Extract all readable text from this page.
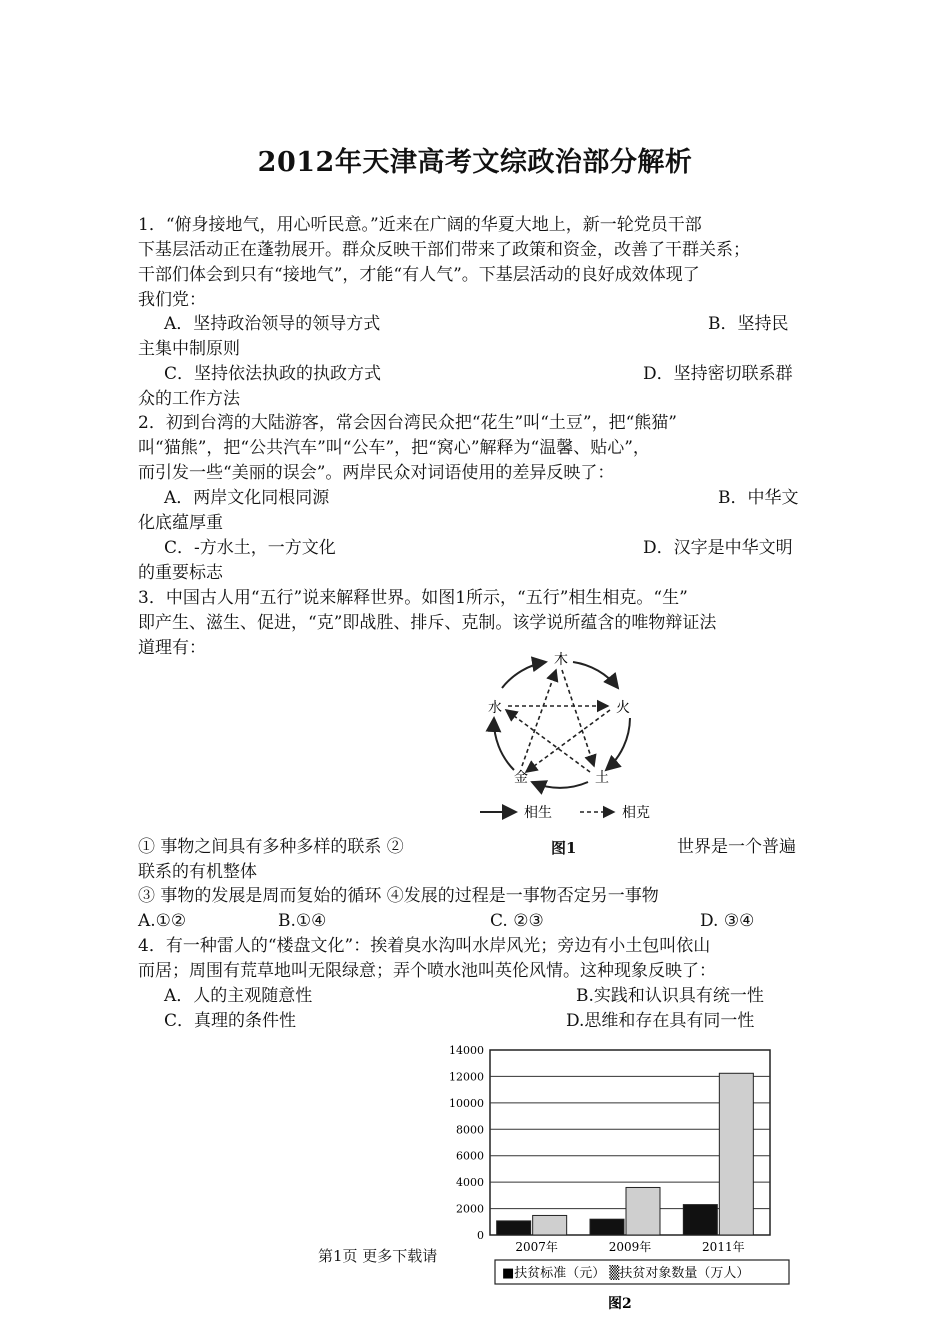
2012年天津高考文综政治部分解析
1．“俯身接地气，用心听民意。”近来在广阔的华夏大地上，新一轮党员干部
下基层活动正在蓬勃展开。群众反映干部们带来了政策和资金，改善了干群关系；
干部们体会到只有“接地气”，才能“有人气”。下基层活动的良好成效体现了
我们党：
A．坚持政治领导的领导方式	B．坚持民
主集中制原则
C．坚持依法执政的执政方式	D．坚持密切联系群
众的工作方法
2．初到台湾的大陆游客，常会因台湾民众把“花生”叫“土豆”，把“熊猫”
叫“猫熊”，把“公共汽车”叫“公车”，把“窝心”解释为“温馨、贴心”，
而引发一些“美丽的误会”。两岸民众对词语使用的差异反映了：
A．两岸文化同根同源	B．中华文
化底蕴厚重
C．-方水土，一方文化	D．汉字是中华文明
的重要标志
3．中国古人用“五行”说来解释世界。如图1所示，“五行”相生相克。“生”
即产生、滋生、促进，“克”即战胜、排斥、克制。该学说所蕴含的唯物辩证法
道理有：
木
火
土
金
水
相生	相克
① 事物之间具有多种多样的联系 ②	图1	世界是一个普遍
联系的有机整体
③ 事物的发展是周而复始的循环 ④发展的过程是一事物否定另一事物
A.①②	B.①④	C. ②③	D. ③④
4．有一种雷人的“楼盘文化”：挨着臭水沟叫水岸风光；旁边有小土包叫依山
而居；周围有荒草地叫无限绿意；弄个喷水池叫英伦风情。这种现象反映了：
A．人的主观随意性	B.实践和认识具有统一性
C．真理的条件性	D.思维和存在具有同一性
14000
12000
10000
8000
6000
4000
2000
0
2007年	2009年	2011年
■扶贫标准（元） ▒扶贫对象数量（万人）
图2
第1页 更多下载请
